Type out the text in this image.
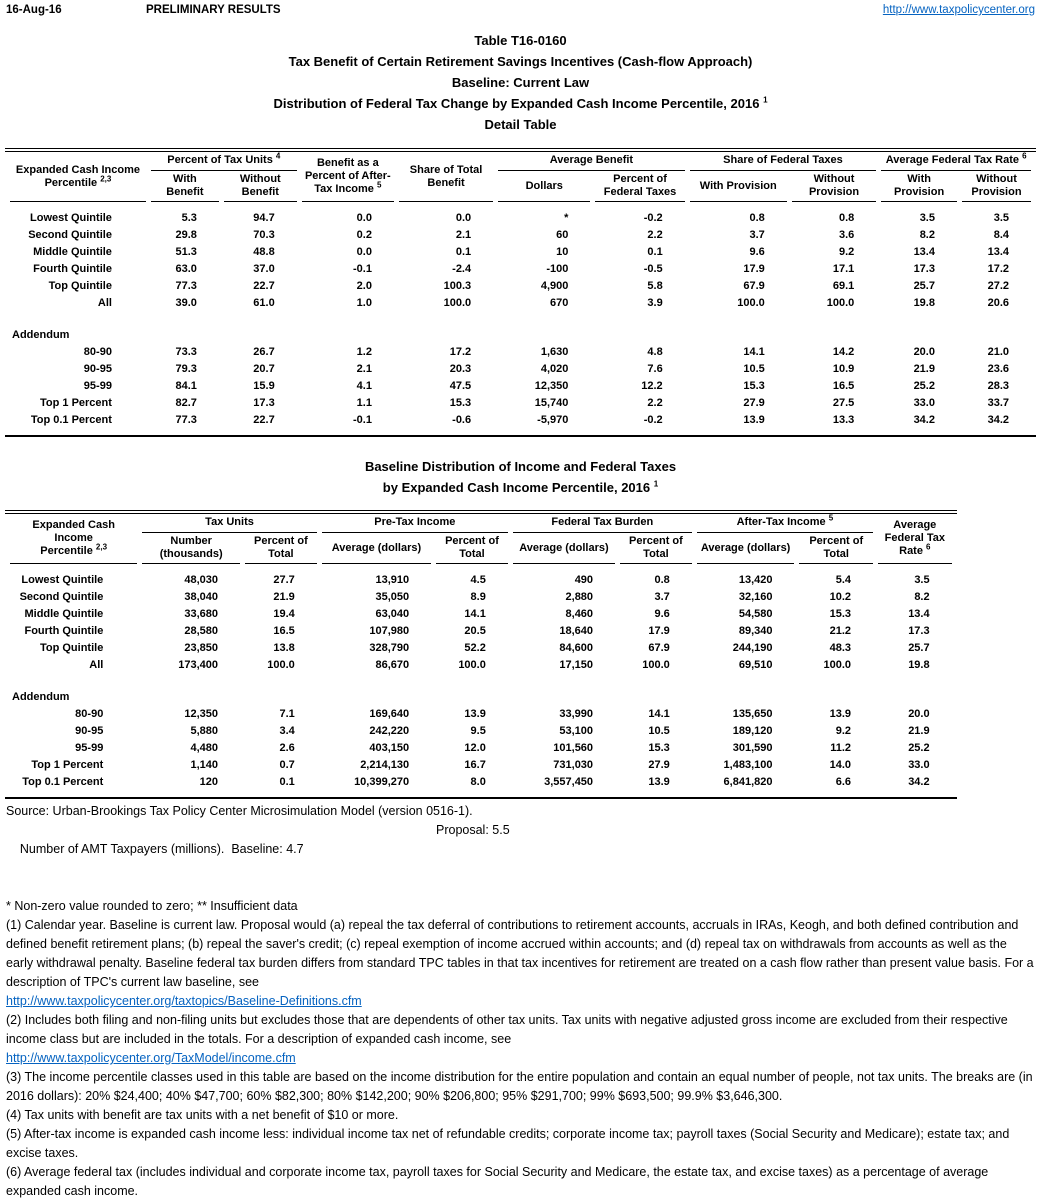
16-Aug-16	PRELIMINARY RESULTS	http://www.taxpolicycenter.org
Table T16-0160
Tax Benefit of Certain Retirement Savings Incentives (Cash-flow Approach)
Baseline: Current Law
Distribution of Federal Tax Change by Expanded Cash Income Percentile, 2016 $^1$
Detail Table
Expanded Cash Income
Percentile $^{2,3}$	Percent of Tax Units $^4$		Benefit as a Percent of After-Tax Income $^5$	Share of Total Benefit	Average Benefit		Share of Federal Taxes		Average Federal Tax Rate $^6$
	With Benefit	Without Benefit			Dollars	Percent of Federal Taxes	With Provision	Without Provision	With Provision	Without Provision
Lowest Quintile	5.3	94.7	0.0	0.0	*	-0.2	0.8	0.8	3.5	3.5
Second Quintile	29.8	70.3	0.2	2.1	60	2.2	3.7	3.6	8.2	8.4
Middle Quintile	51.3	48.8	0.0	0.1	10	0.1	9.6	9.2	13.4	13.4
Fourth Quintile	63.0	37.0	-0.1	-2.4	-100	-0.5	17.9	17.1	17.3	17.2
Top Quintile	77.3	22.7	2.0	100.3	4,900	5.8	67.9	69.1	25.7	27.2
All	39.0	61.0	1.0	100.0	670	3.9	100.0	100.0	19.8	20.6

Addendum										
80-90	73.3	26.7	1.2	17.2	1,630	4.8	14.1	14.2	20.0	21.0
90-95	79.3	20.7	2.1	20.3	4,020	7.6	10.5	10.9	21.9	23.6
95-99	84.1	15.9	4.1	47.5	12,350	12.2	15.3	16.5	25.2	28.3
Top 1 Percent	82.7	17.3	1.1	15.3	15,740	2.2	27.9	27.5	33.0	33.7
Top 0.1 Percent	77.3	22.7	-0.1	-0.6	-5,970	-0.2	13.9	13.3	34.2	34.2
Baseline Distribution of Income and Federal Taxes
by Expanded Cash Income Percentile, 2016 $^1$
Expanded Cash Income
Percentile $^{2,3}$	Tax Units		Pre-Tax Income		Federal Tax Burden		After-Tax Income $^5$		Average Federal Tax Rate $^6$
	Number (thousands)	Percent of Total	Average (dollars)	Percent of Total	Average (dollars)	Percent of Total	Average (dollars)	Percent of Total	
Lowest Quintile	48,030	27.7	13,910	4.5	490	0.8	13,420	5.4	3.5
Second Quintile	38,040	21.9	35,050	8.9	2,880	3.7	32,160	10.2	8.2
Middle Quintile	33,680	19.4	63,040	14.1	8,460	9.6	54,580	15.3	13.4
Fourth Quintile	28,580	16.5	107,980	20.5	18,640	17.9	89,340	21.2	17.3
Top Quintile	23,850	13.8	328,790	52.2	84,600	67.9	244,190	48.3	25.7
All	173,400	100.0	86,670	100.0	17,150	100.0	69,510	100.0	19.8

Addendum									
80-90	12,350	7.1	169,640	13.9	33,990	14.1	135,650	13.9	20.0
90-95	5,880	3.4	242,220	9.5	53,100	10.5	189,120	9.2	21.9
95-99	4,480	2.6	403,150	12.0	101,560	15.3	301,590	11.2	25.2
Top 1 Percent	1,140	0.7	2,214,130	16.7	731,030	27.9	1,483,100	14.0	33.0
Top 0.1 Percent	120	0.1	10,399,270	8.0	3,557,450	13.9	6,841,820	6.6	34.2
Source: Urban-Brookings Tax Policy Center Microsimulation Model (version 0516-1).

Number of AMT Taxpayers (millions).  Baseline: 4.7

Proposal: 5.5

* Non-zero value rounded to zero; ** Insufficient data
(1) Calendar year. Baseline is current law. Proposal would (a) repeal the tax deferral of contributions to retirement accounts, accruals in IRAs, Keogh, and both defined contribution and defined benefit retirement plans; (b) repeal the saver's credit; (c) repeal exemption of income accrued within accounts; and (d) repeal tax on withdrawals from accounts as well as the early withdrawal penalty. Baseline federal tax burden differs from standard TPC tables in that tax incentives for retirement are treated on a cash flow rather than present value basis. For a description of TPC's current law baseline, see
http://www.taxpolicycenter.org/taxtopics/Baseline-Definitions.cfm
(2) Includes both filing and non-filing units but excludes those that are dependents of other tax units. Tax units with negative adjusted gross income are excluded from their respective income class but are included in the totals. For a description of expanded cash income, see
http://www.taxpolicycenter.org/TaxModel/income.cfm
(3) The income percentile classes used in this table are based on the income distribution for the entire population and contain an equal number of people, not tax units. The breaks are (in 2016 dollars): 20% $24,400; 40% $47,700; 60% $82,300; 80% $142,200; 90% $206,800; 95% $291,700; 99% $693,500; 99.9% $3,646,300.
(4) Tax units with benefit are tax units with a net benefit of $10 or more.
(5) After-tax income is expanded cash income less: individual income tax net of refundable credits; corporate income tax; payroll taxes (Social Security and Medicare); estate tax; and excise taxes.
(6) Average federal tax (includes individual and corporate income tax, payroll taxes for Social Security and Medicare, the estate tax, and excise taxes) as a percentage of average expanded cash income.
